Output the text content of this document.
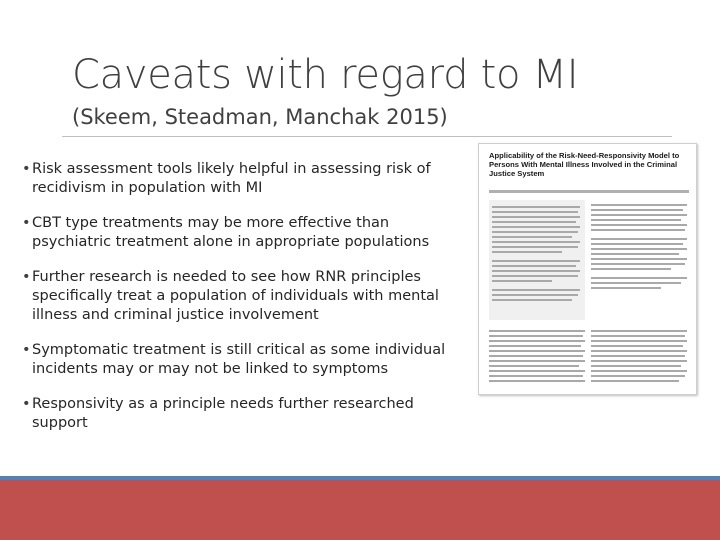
Caveats with regard to MI
(Skeem, Steadman, Manchak 2015)
• Risk assessment tools likely helpful in assessing risk of recidivism in population with MI
• CBT type treatments may be more effective than psychiatric treatment alone in appropriate populations
• Further research is needed to see how RNR principles specifically treat a population of individuals with mental illness and criminal justice involvement
• Symptomatic treatment is still critical as some individual incidents may or may not be linked to symptoms
• Responsivity as a principle needs further researched support
Applicability of the Risk-Need-Responsivity Model to Persons With Mental Illness Involved in the Criminal Justice System
